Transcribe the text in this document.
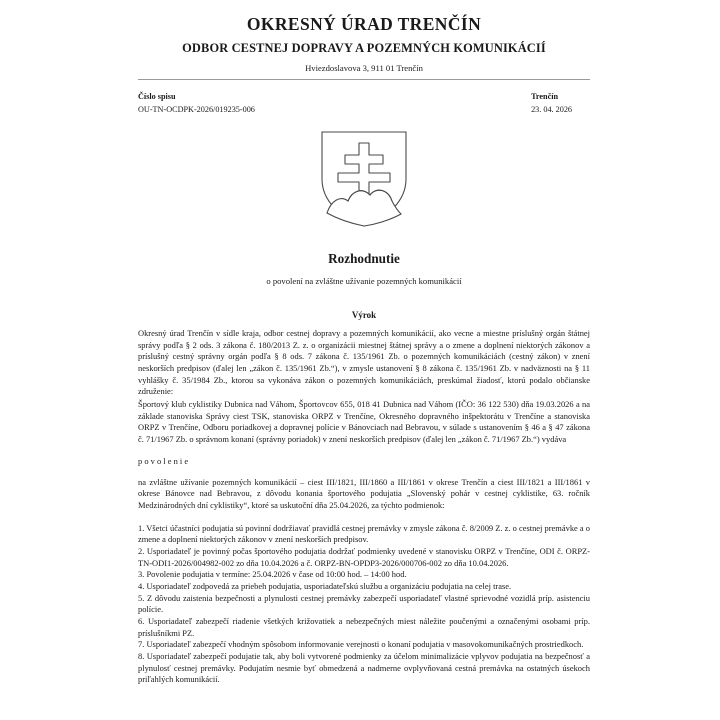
OKRESNÝ ÚRAD TRENČÍN
ODBOR CESTNEJ DOPRAVY A POZEMNÝCH KOMUNIKÁCIÍ
Hviezdoslavova 3, 911 01 Trenčín
Číslo spisu
OU-TN-OCDPK-2026/019235-006
Trenčín
23. 04. 2026
Rozhodnutie
o povolení na zvláštne užívanie pozemných komunikácií
Výrok

Okresný úrad Trenčín v sídle kraja, odbor cestnej dopravy a pozemných komunikácií, ako vecne a miestne príslušný orgán štátnej správy podľa § 2 ods. 3 zákona č. 180/2013 Z. z. o organizácii miestnej štátnej správy a o zmene a doplnení niektorých zákonov a príslušný cestný správny orgán podľa § 8 ods. 7 zákona č. 135/1961 Zb. o pozemných komunikáciách (cestný zákon) v znení neskorších predpisov (ďalej len „zákon č. 135/1961 Zb.“), v zmysle ustanovení § 8 zákona č. 135/1961 Zb. v nadväznosti na § 11 vyhlášky č. 35/1984 Zb., ktorou sa vykonáva zákon o pozemných komunikáciách, preskúmal žiadosť, ktorú podalo občianske združenie:

Športový klub cyklistiky Dubnica nad Váhom, Športovcov 655, 018 41 Dubnica nad Váhom (IČO: 36 122 530) dňa 19.03.2026 a na základe stanoviska Správy ciest TSK, stanoviska ORPZ v Trenčíne, Okresného dopravného inšpektorátu v Trenčíne a stanoviska ORPZ v Trenčíne, Odboru poriadkovej a dopravnej polície v Bánovciach nad Bebravou, v súlade s ustanovením § 46 a § 47 zákona č. 71/1967 Zb. o správnom konaní (správny poriadok) v znení neskorších predpisov (ďalej len „zákon č. 71/1967 Zb.“) vydáva

povolenie

na zvláštne užívanie pozemných komunikácií – ciest III/1821, III/1860 a III/1861 v okrese Trenčín a ciest III/1821 a III/1861 v okrese Bánovce nad Bebravou, z dôvodu konania športového podujatia „Slovenský pohár v cestnej cyklistike, 63. ročník Medzinárodných dní cyklistiky“, ktoré sa uskutoční dňa 25.04.2026, za týchto podmienok:

1. Všetci účastníci podujatia sú povinní dodržiavať pravidlá cestnej premávky v zmysle zákona č. 8/2009 Z. z. o cestnej premávke a o zmene a doplnení niektorých zákonov v znení neskorších predpisov.

2. Usporiadateľ je povinný počas športového podujatia dodržať podmienky uvedené v stanovisku ORPZ v Trenčíne, ODI č. ORPZ-TN-ODI1-2026/004982-002 zo dňa 10.04.2026 a č. ORPZ-BN-OPDP3-2026/000706-002 zo dňa 10.04.2026.

3. Povolenie podujatia v termíne: 25.04.2026 v čase od 10:00 hod. – 14:00 hod.

4. Usporiadateľ zodpovedá za priebeh podujatia, usporiadateľskú službu a organizáciu podujatia na celej trase.

5. Z dôvodu zaistenia bezpečnosti a plynulosti cestnej premávky zabezpečí usporiadateľ vlastné sprievodné vozidlá príp. asistenciu polície.

6. Usporiadateľ zabezpečí riadenie všetkých križovatiek a nebezpečných miest náležite poučenými a označenými osobami príp. príslušníkmi PZ.

7. Usporiadateľ zabezpečí vhodným spôsobom informovanie verejnosti o konaní podujatia v masovokomunikačných prostriedkoch.

8. Usporiadateľ zabezpečí podujatie tak, aby boli vytvorené podmienky za účelom minimalizácie vplyvov podujatia na bezpečnosť a plynulosť cestnej premávky. Podujatím nesmie byť obmedzená a nadmerne ovplyvňovaná cestná premávka na ostatných úsekoch priľahlých komunikácií.
